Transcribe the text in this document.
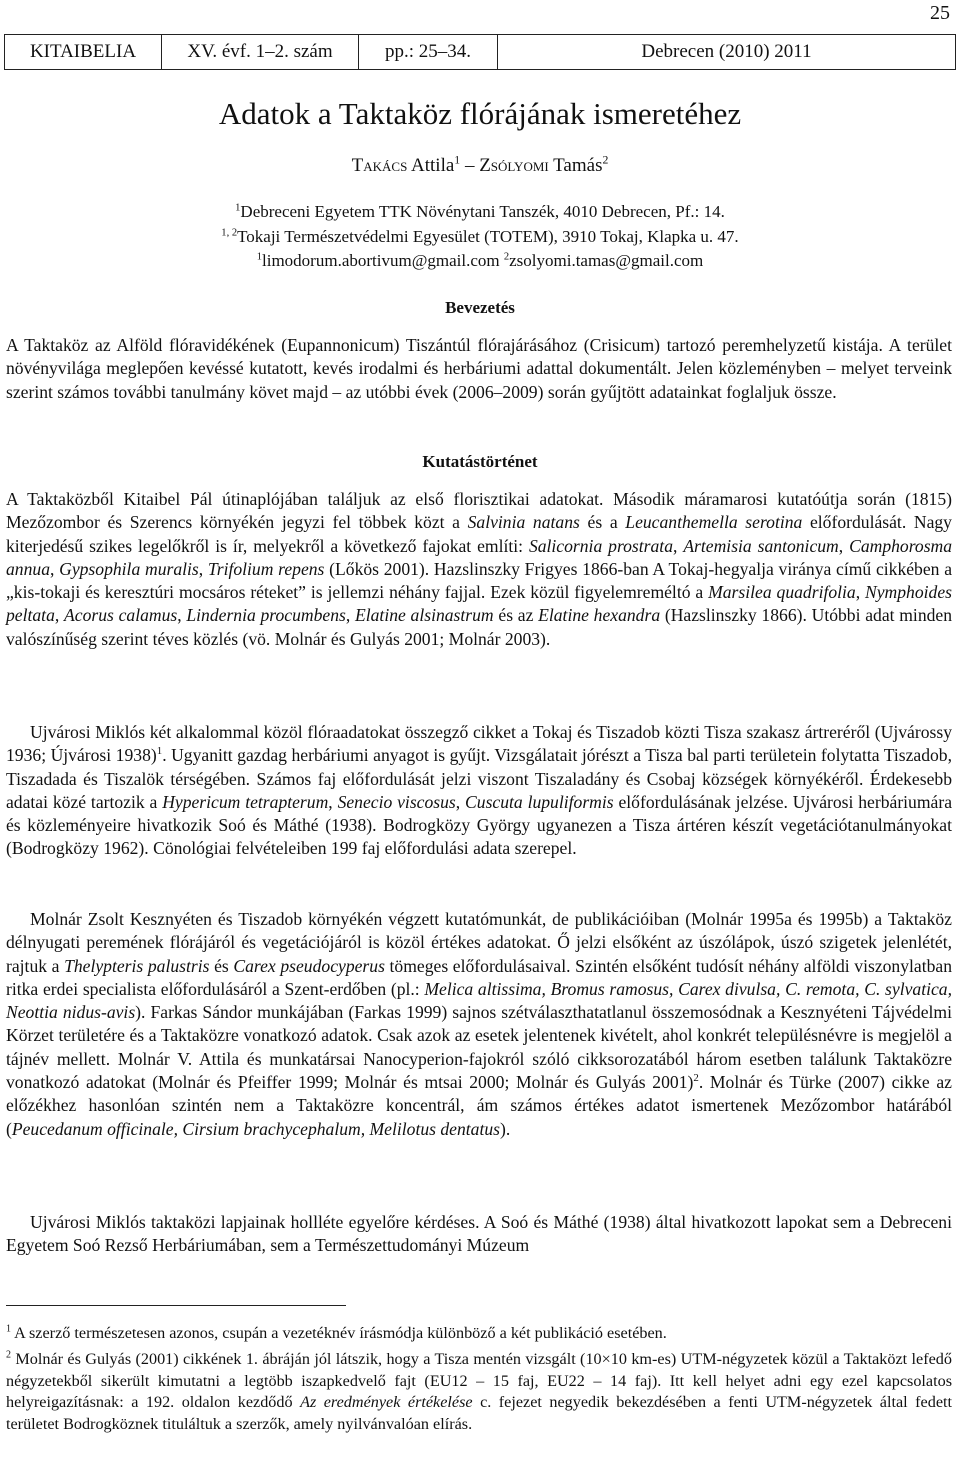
25
KITAIBELIA	XV. évf. 1–2. szám	pp.: 25–34.	Debrecen (2010) 2011
Adatok a Taktaköz flórájának ismeretéhez
Takács Attila$^1$ – Zsólyomi Tamás$^2$
$^1$Debreceni Egyetem TTK Növénytani Tanszék, 4010 Debrecen, Pf.: 14.
$^{1, 2}$Tokaji Természetvédelmi Egyesület (TOTEM), 3910 Tokaj, Klapka u. 47.
$^1$limodorum.abortivum@gmail.com $^2$zsolyomi.tamas@gmail.com
Bevezetés

A Taktaköz az Alföld flóravidékének (Eupannonicum) Tiszántúl flórajárásához (Crisicum) tartozó peremhelyzetű kistája. A terület növényvilága meglepően kevéssé kutatott, kevés irodalmi és herbáriumi adattal dokumentált. Jelen közleményben – melyet terveink szerint számos további tanulmány követ majd – az utóbbi évek (2006–2009) során gyűjtött adatainkat foglaljuk össze.

Kutatástörténet

A Taktaközből Kitaibel Pál útinaplójában találjuk az első florisztikai adatokat. Második máramarosi kutatóútja során (1815) Mezőzombor és Szerencs környékén jegyzi fel többek közt a Salvinia natans és a Leucanthemella serotina előfordulását. Nagy kiterjedésű szikes legelőkről is ír, melyekről a következő fajokat említi: Salicornia prostrata, Artemisia santonicum, Camphorosma annua, Gypsophila muralis, Trifolium repens (Lőkös 2001). Hazslinszky Frigyes 1866-ban A Tokaj-hegyalja viránya című cikkében a „kis-tokaji és keresztúri mocsáros réteket” is jellemzi néhány fajjal. Ezek közül figyelemreméltó a Marsilea quadrifolia, Nymphoides peltata, Acorus calamus, Lindernia procumbens, Elatine alsinastrum és az Elatine hexandra (Hazslinszky 1866). Utóbbi adat minden valószínűség szerint téves közlés (vö. Molnár és Gulyás 2001; Molnár 2003).

Ujvárosi Miklós két alkalommal közöl flóraadatokat összegző cikket a Tokaj és Tiszadob közti Tisza szakasz ártreréről (Ujvárossy 1936; Újvárosi 1938)$^1$. Ugyanitt gazdag herbáriumi anyagot is gyűjt. Vizsgálatait jórészt a Tisza bal parti területein folytatta Tiszadob, Tiszadada és Tiszalök térségében. Számos faj előfordulását jelzi viszont Tiszaladány és Csobaj községek környékéről. Érdekesebb adatai közé tartozik a Hypericum tetrapterum, Senecio viscosus, Cuscuta lupuliformis előfordulásának jelzése. Ujvárosi herbáriumára és közleményeire hivatkozik Soó és Máthé (1938). Bodrogközy György ugyanezen a Tisza ártéren készít vegetációtanulmányokat (Bodrogközy 1962). Cönológiai felvételeiben 199 faj előfordulási adata szerepel.

Molnár Zsolt Kesznyéten és Tiszadob környékén végzett kutatómunkát, de publikációiban (Molnár 1995a és 1995b) a Taktaköz délnyugati peremének flórájáról és vegetációjáról is közöl értékes adatokat. Ő jelzi elsőként az úszólápok, úszó szigetek jelenlétét, rajtuk a Thelypteris palustris és Carex pseudocyperus tömeges előfordulásaival. Szintén elsőként tudósít néhány alföldi viszonylatban ritka erdei specialista előfordulásáról a Szent-erdőben (pl.: Melica altissima, Bromus ramosus, Carex divulsa, C. remota, C. sylvatica, Neottia nidus-avis). Farkas Sándor munkájában (Farkas 1999) sajnos szétválaszthatatlanul összemosódnak a Kesznyéteni Tájvédelmi Körzet területére és a Taktaközre vonatkozó adatok. Csak azok az esetek jelentenek kivételt, ahol konkrét településnévre is megjelöl a tájnév mellett. Molnár V. Attila és munkatársai Nanocyperion-fajokról szóló cikksorozatából három esetben találunk Taktaközre vonatkozó adatokat (Molnár és Pfeiffer 1999; Molnár és mtsai 2000; Molnár és Gulyás 2001)$^2$. Molnár és Türke (2007) cikke az előzékhez hasonlóan szintén nem a Taktaközre koncentrál, ám számos értékes adatot ismertenek Mezőzombor határából (Peucedanum officinale, Cirsium brachycephalum, Melilotus dentatus).

Ujvárosi Miklós taktaközi lapjainak hollléte egyelőre kérdéses. A Soó és Máthé (1938) által hivatkozott lapokat sem a Debreceni Egyetem Soó Rezső Herbáriumában, sem a Természettudományi Múzeum

$^1$ A szerző természetesen azonos, csupán a vezetéknév írásmódja különböző a két publikáció esetében.

$^2$ Molnár és Gulyás (2001) cikkének 1. ábráján jól látszik, hogy a Tisza mentén vizsgált (10×10 km-es) UTM-négyzetek közül a Taktaközt lefedő négyzetekből sikerült kimutatni a legtöbb iszapkedvelő fajt (EU12 – 15 faj, EU22 – 14 faj). Itt kell helyet adni egy ezel kapcsolatos helyreigazításnak: a 192. oldalon kezdődő Az eredmények értékelése c. fejezet negyedik bekezdésében a fenti UTM-négyzetek által fedett területet Bodrogköznek tituláltuk a szerzők, amely nyilvánvalóan elírás.
